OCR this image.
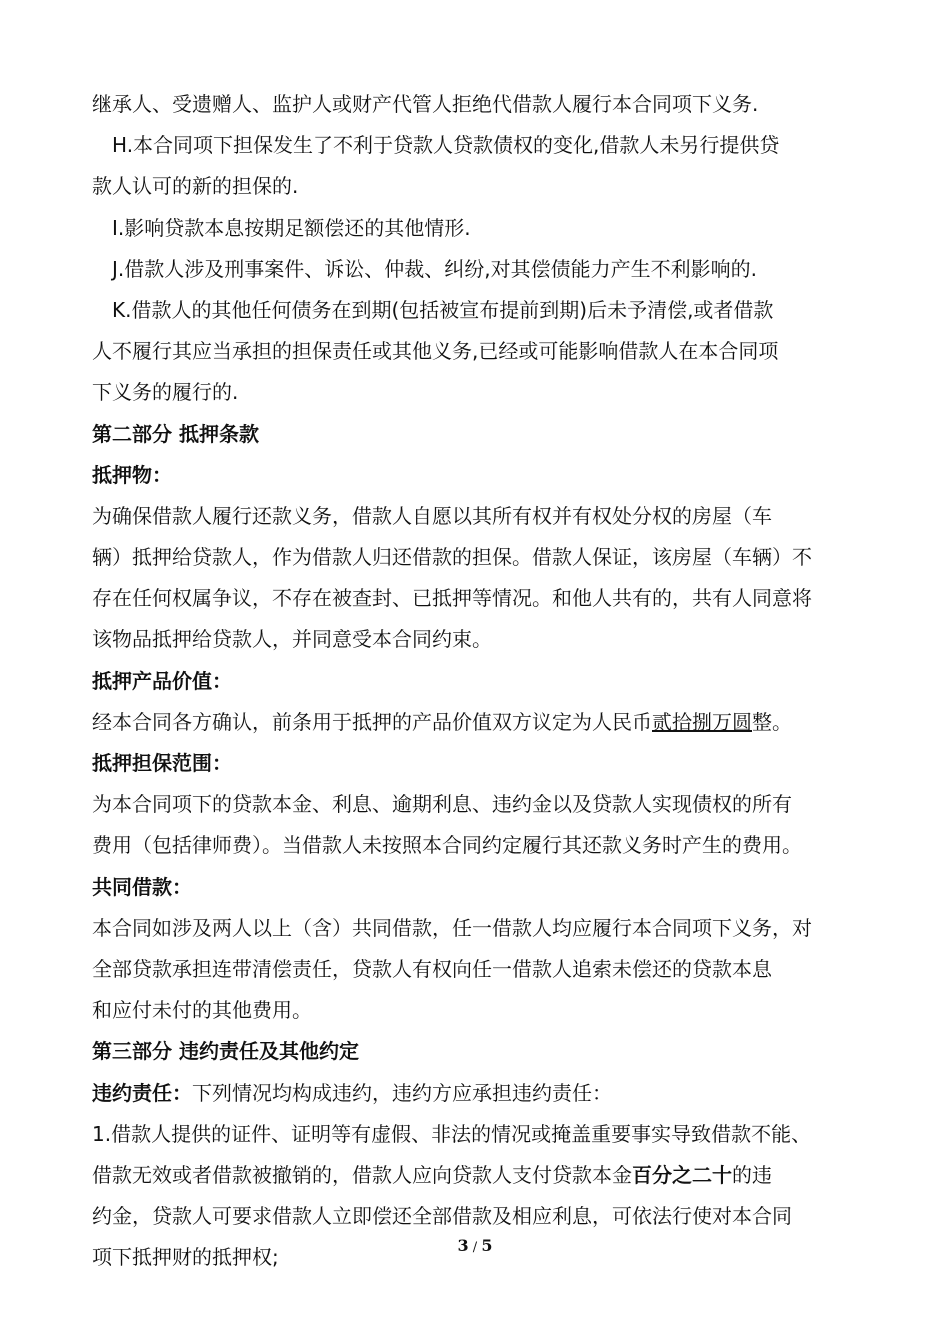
继承人、受遗赠人、监护人或财产代管人拒绝代借款人履行本合同项下义务.
H.本合同项下担保发生了不利于贷款人贷款债权的变化,借款人未另行提供贷
款人认可的新的担保的.
I.影响贷款本息按期足额偿还的其他情形.
J.借款人涉及刑事案件、诉讼、仲裁、纠纷,对其偿债能力产生不利影响的.
K.借款人的其他任何债务在到期(包括被宣布提前到期)后未予清偿,或者借款
人不履行其应当承担的担保责任或其他义务,已经或可能影响借款人在本合同项
下义务的履行的.
第二部分 抵押条款
抵押物：
为确保借款人履行还款义务，借款人自愿以其所有权并有权处分权的房屋（车
辆）抵押给贷款人，作为借款人归还借款的担保。借款人保证，该房屋（车辆）不
存在任何权属争议，不存在被查封、已抵押等情况。和他人共有的，共有人同意将
该物品抵押给贷款人，并同意受本合同约束。
抵押产品价值：
经本合同各方确认，前条用于抵押的产品价值双方议定为人民币贰拾捌万圆整。
抵押担保范围：
为本合同项下的贷款本金、利息、逾期利息、违约金以及贷款人实现债权的所有
费用（包括律师费）。当借款人未按照本合同约定履行其还款义务时产生的费用。
共同借款：
本合同如涉及两人以上（含）共同借款，任一借款人均应履行本合同项下义务，对
全部贷款承担连带清偿责任，贷款人有权向任一借款人追索未偿还的贷款本息
和应付未付的其他费用。
第三部分 违约责任及其他约定
违约责任：下列情况均构成违约，违约方应承担违约责任：
1.借款人提供的证件、证明等有虚假、非法的情况或掩盖重要事实导致借款不能、
借款无效或者借款被撤销的，借款人应向贷款人支付贷款本金百分之二十的违
约金，贷款人可要求借款人立即偿还全部借款及相应利息，可依法行使对本合同
项下抵押财的抵押权;	3 / 5
